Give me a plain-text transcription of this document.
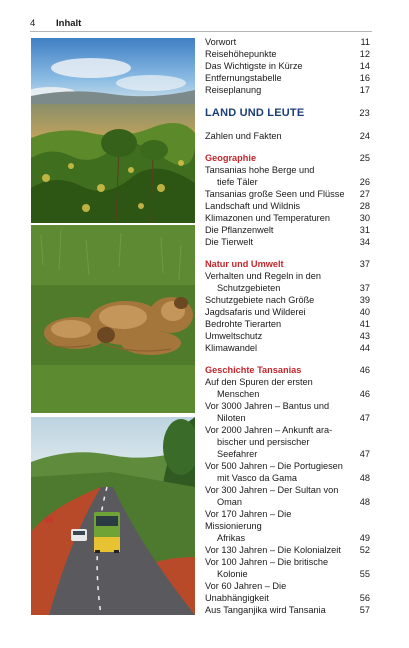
4 Inhalt
Vorwort	11
Reisehöhepunkte	12
Das Wichtigste in Kürze	14
Entfernungstabelle	16
Reiseplanung	17
LAND UND LEUTE	23
Zahlen und Fakten	24
Geographie	25
Tansanias hohe Berge und
tiefe Täler	26
Tansanias große Seen und Flüsse 27
Landschaft und Wildnis	28
Klimazonen und Temperaturen	30
Die Pflanzenwelt	31
Die Tierwelt	34
Natur und Umwelt	37
Verhalten und Regeln in den
Schutzgebieten	37
Schutzgebiete nach Größe	39
Jagdsafaris und Wilderei	40
Bedrohte Tierarten	41
Umweltschutz	43
Klimawandel	44
Geschichte Tansanias	46
Auf den Spuren der ersten
Menschen	46
Vor 3000 Jahren – Bantus und
Niloten	47
Vor 2000 Jahren – Ankunft ara-
bischer und persischer Seefahrer	47
Vor 500 Jahren – Die Portugiesen
mit Vasco da Gama	48
Vor 300 Jahren – Der Sultan von
Oman	48
Vor 170 Jahren – Die Missionierung
Afrikas	49
Vor 130 Jahren – Die Kolonialzeit 52
Vor 100 Jahren – Die britische
Kolonie	55
Vor 60 Jahren – Die Unabhängigkeit	56
Aus Tanganjika wird Tansania	57
